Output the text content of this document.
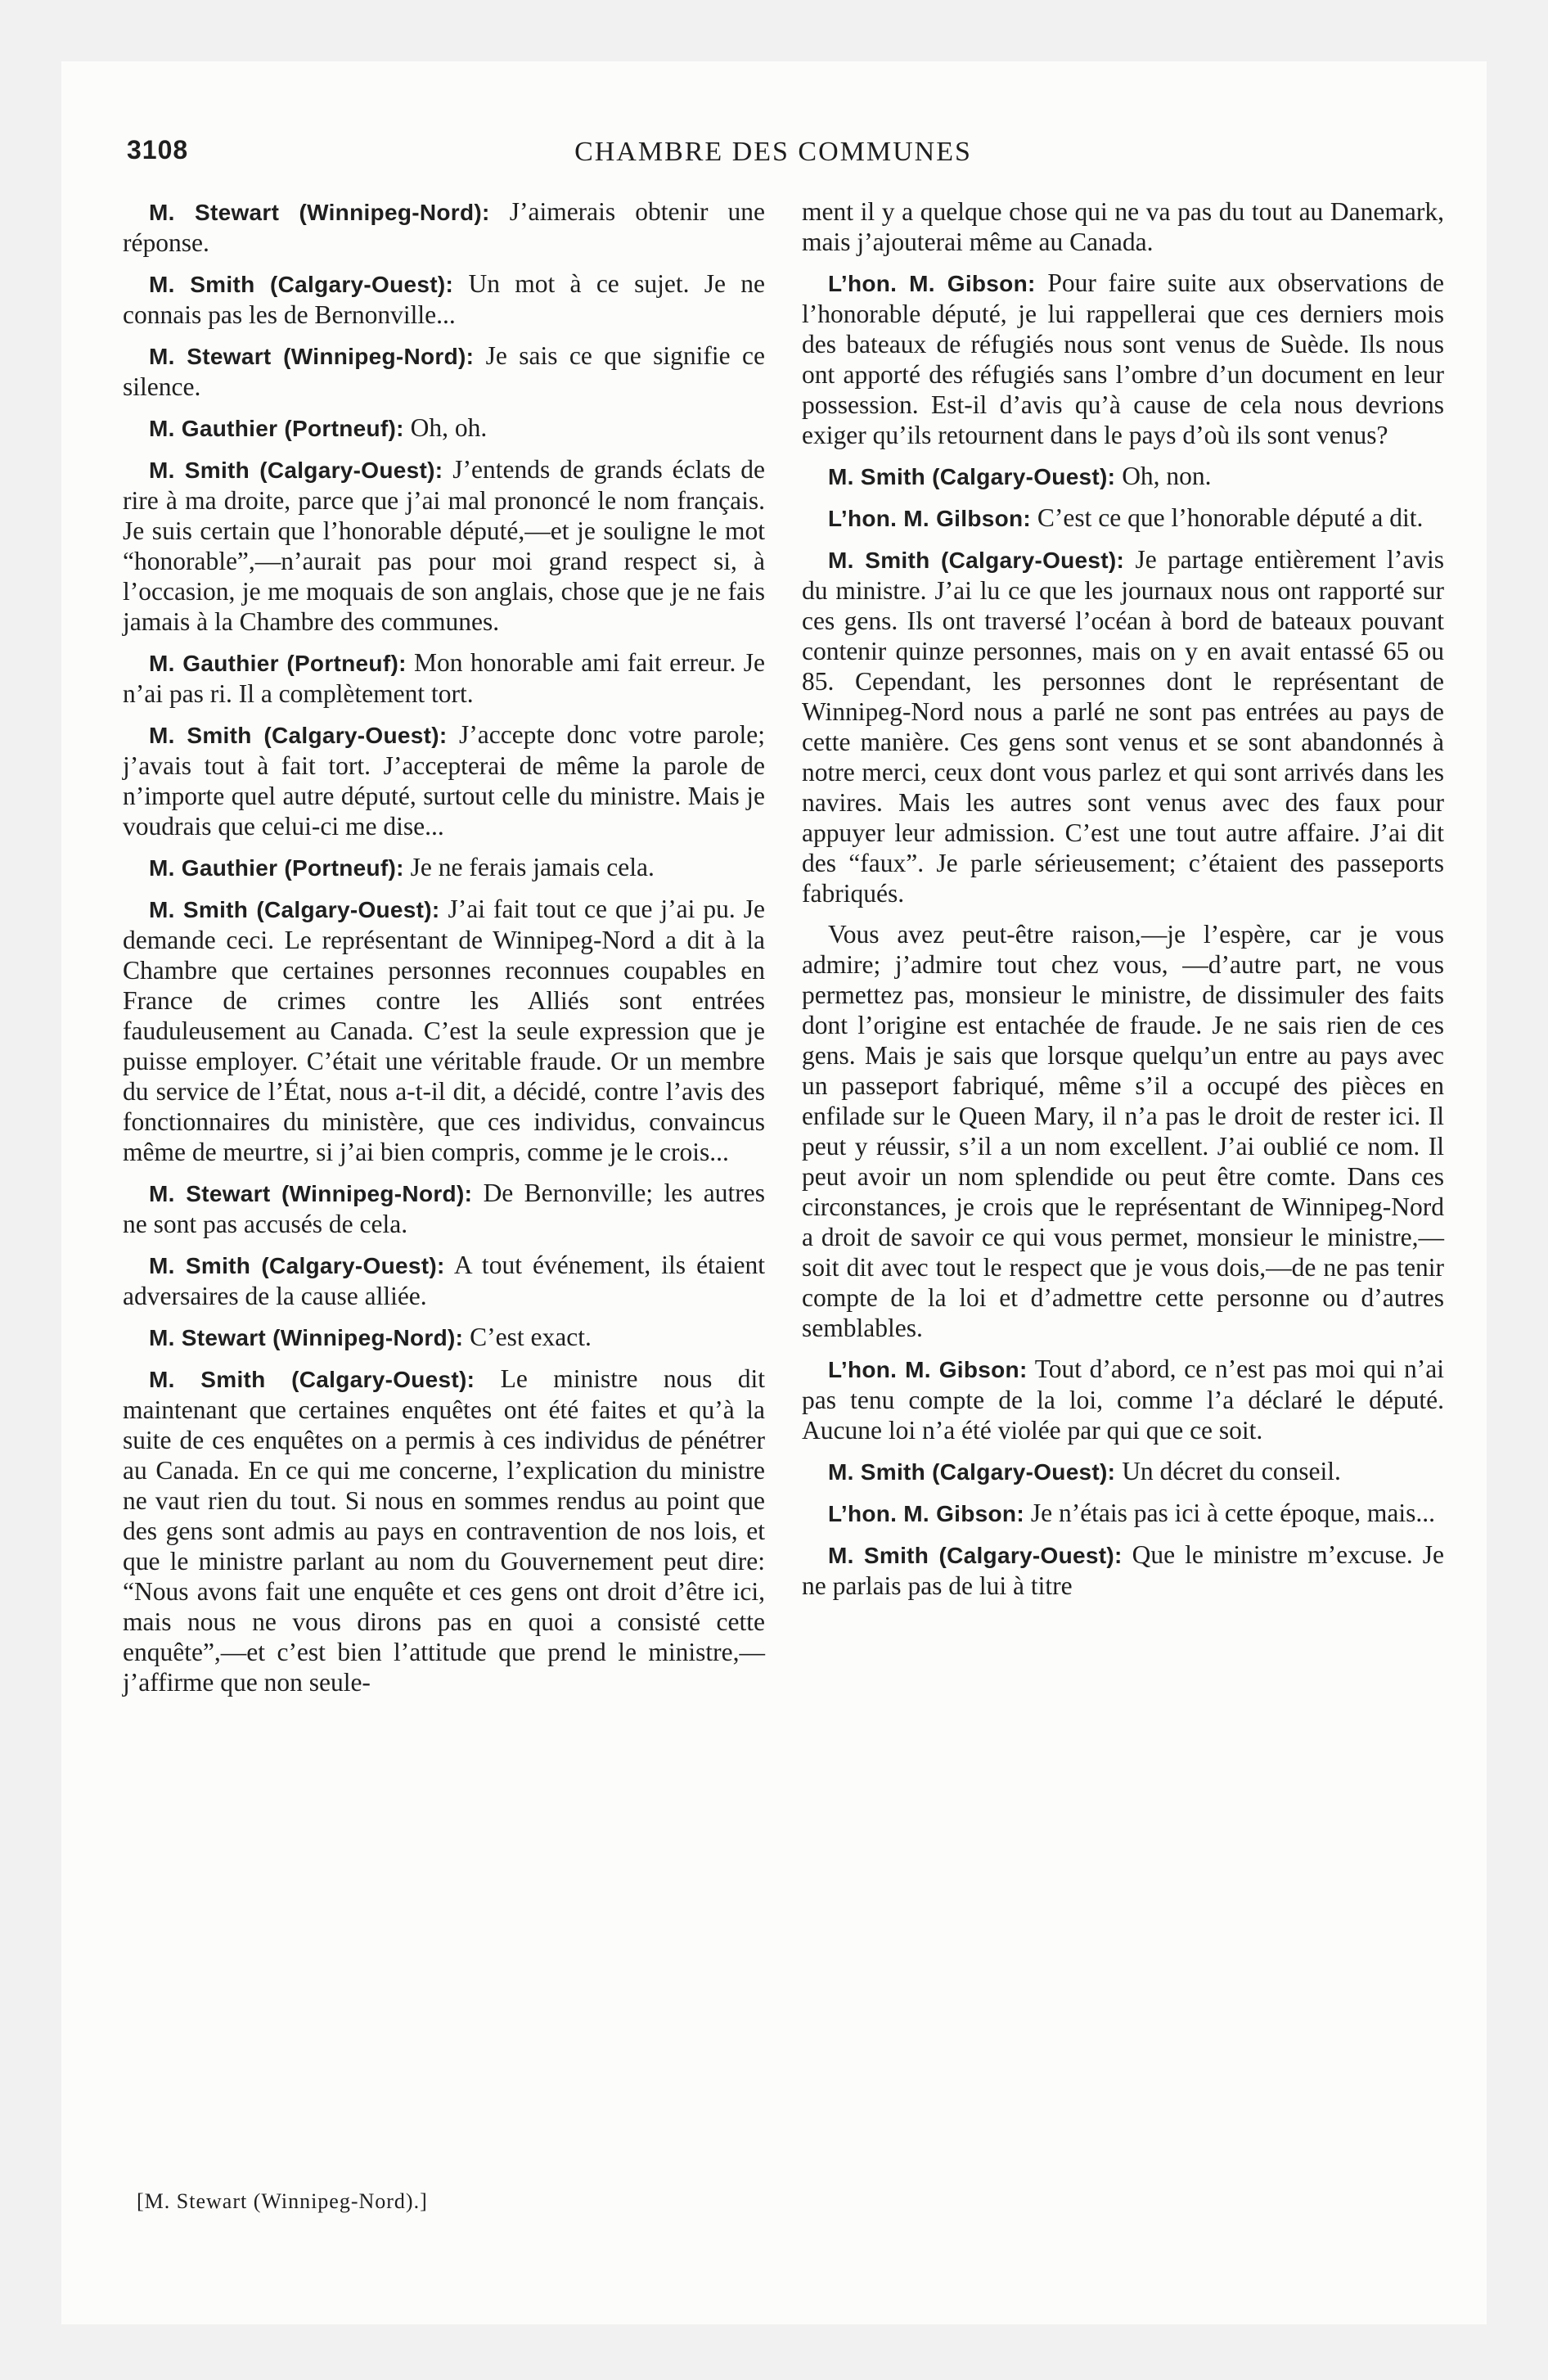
3108	CHAMBRE DES COMMUNES

M. Stewart (Winnipeg-Nord): J’aimerais obtenir une réponse.

M. Smith (Calgary-Ouest): Un mot à ce sujet. Je ne connais pas les de Bernonville...

M. Stewart (Winnipeg-Nord): Je sais ce que signifie ce silence.

M. Gauthier (Portneuf): Oh, oh.

M. Smith (Calgary-Ouest): J’entends de grands éclats de rire à ma droite, parce que j’ai mal prononcé le nom français. Je suis certain que l’honorable député,—et je souligne le mot “honorable”,—n’aurait pas pour moi grand respect si, à l’occasion, je me moquais de son anglais, chose que je ne fais jamais à la Chambre des communes.

M. Gauthier (Portneuf): Mon honorable ami fait erreur. Je n’ai pas ri. Il a complètement tort.

M. Smith (Calgary-Ouest): J’accepte donc votre parole; j’avais tout à fait tort. J’accepterai de même la parole de n’importe quel autre député, surtout celle du ministre. Mais je voudrais que celui-ci me dise...

M. Gauthier (Portneuf): Je ne ferais jamais cela.

M. Smith (Calgary-Ouest): J’ai fait tout ce que j’ai pu. Je demande ceci. Le représentant de Winnipeg-Nord a dit à la Chambre que certaines personnes reconnues coupables en France de crimes contre les Alliés sont entrées fauduleusement au Canada. C’est la seule expression que je puisse employer. C’était une véritable fraude. Or un membre du service de l’État, nous a-t-il dit, a décidé, contre l’avis des fonctionnaires du ministère, que ces individus, convaincus même de meurtre, si j’ai bien compris, comme je le crois...

M. Stewart (Winnipeg-Nord): De Bernonville; les autres ne sont pas accusés de cela.

M. Smith (Calgary-Ouest): A tout événement, ils étaient adversaires de la cause alliée.

M. Stewart (Winnipeg-Nord): C’est exact.

M. Smith (Calgary-Ouest): Le ministre nous dit maintenant que certaines enquêtes ont été faites et qu’à la suite de ces enquêtes on a permis à ces individus de pénétrer au Canada. En ce qui me concerne, l’explication du ministre ne vaut rien du tout. Si nous en sommes rendus au point que des gens sont admis au pays en contravention de nos lois, et que le ministre parlant au nom du Gouvernement peut dire: “Nous avons fait une enquête et ces gens ont droit d’être ici, mais nous ne vous dirons pas en quoi a consisté cette enquête”,—et c’est bien l’attitude que prend le ministre,—j’affirme que non seule-

ment il y a quelque chose qui ne va pas du tout au Danemark, mais j’ajouterai même au Canada.

L’hon. M. Gibson: Pour faire suite aux observations de l’honorable député, je lui rappellerai que ces derniers mois des bateaux de réfugiés nous sont venus de Suède. Ils nous ont apporté des réfugiés sans l’ombre d’un document en leur possession. Est-il d’avis qu’à cause de cela nous devrions exiger qu’ils retournent dans le pays d’où ils sont venus?

M. Smith (Calgary-Ouest): Oh, non.

L’hon. M. Gilbson: C’est ce que l’honorable député a dit.

M. Smith (Calgary-Ouest): Je partage entièrement l’avis du ministre. J’ai lu ce que les journaux nous ont rapporté sur ces gens. Ils ont traversé l’océan à bord de bateaux pouvant contenir quinze personnes, mais on y en avait entassé 65 ou 85. Cependant, les personnes dont le représentant de Winnipeg-Nord nous a parlé ne sont pas entrées au pays de cette manière. Ces gens sont venus et se sont abandonnés à notre merci, ceux dont vous parlez et qui sont arrivés dans les navires. Mais les autres sont venus avec des faux pour appuyer leur admission. C’est une tout autre affaire. J’ai dit des “faux”. Je parle sérieusement; c’étaient des passeports fabriqués.

Vous avez peut-être raison,—je l’espère, car je vous admire; j’admire tout chez vous, —d’autre part, ne vous permettez pas, monsieur le ministre, de dissimuler des faits dont l’origine est entachée de fraude. Je ne sais rien de ces gens. Mais je sais que lorsque quelqu’un entre au pays avec un passeport fabriqué, même s’il a occupé des pièces en enfilade sur le Queen Mary, il n’a pas le droit de rester ici. Il peut y réussir, s’il a un nom excellent. J’ai oublié ce nom. Il peut avoir un nom splendide ou peut être comte. Dans ces circonstances, je crois que le représentant de Winnipeg-Nord a droit de savoir ce qui vous permet, monsieur le ministre,—soit dit avec tout le respect que je vous dois,—de ne pas tenir compte de la loi et d’admettre cette personne ou d’autres semblables.

L’hon. M. Gibson: Tout d’abord, ce n’est pas moi qui n’ai pas tenu compte de la loi, comme l’a déclaré le député. Aucune loi n’a été violée par qui que ce soit.

M. Smith (Calgary-Ouest): Un décret du conseil.

L’hon. M. Gibson: Je n’étais pas ici à cette époque, mais...

M. Smith (Calgary-Ouest): Que le ministre m’excuse. Je ne parlais pas de lui à titre

[M. Stewart (Winnipeg-Nord).]
